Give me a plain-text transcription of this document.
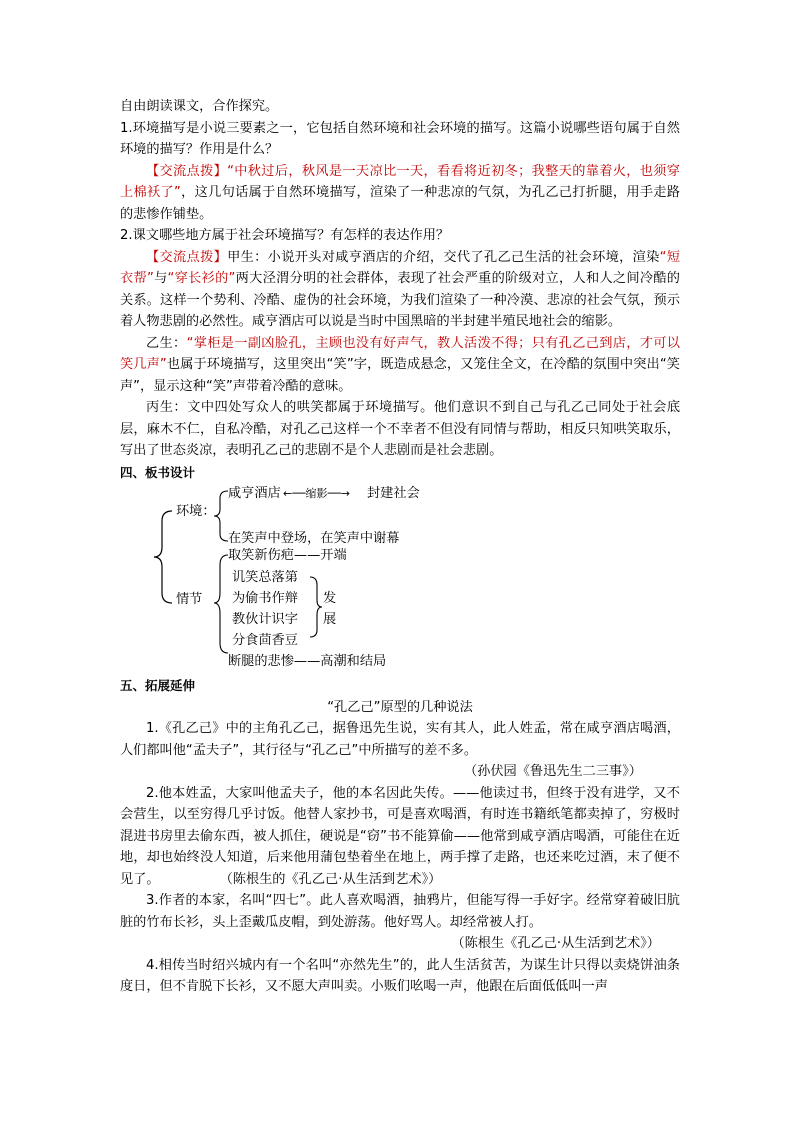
自由朗读课文，合作探究。

1.环境描写是小说三要素之一，它包括自然环境和社会环境的描写。这篇小说哪些语句属于自然环境的描写？作用是什么？

【交流点拨】“中秋过后，秋风是一天凉比一天，看看将近初冬；我整天的靠着火，也须穿上棉袄了”，这几句话属于自然环境描写，渲染了一种悲凉的气氛，为孔乙己打折腿，用手走路的悲惨作铺垫。

2.课文哪些地方属于社会环境描写？有怎样的表达作用？

【交流点拨】甲生：小说开头对咸亨酒店的介绍，交代了孔乙己生活的社会环境，渲染“短衣帮”与“穿长衫的”两大泾渭分明的社会群体，表现了社会严重的阶级对立，人和人之间冷酷的关系。这样一个势利、冷酷、虚伪的社会环境，为我们渲染了一种冷漠、悲凉的社会气氛，预示着人物悲剧的必然性。咸亨酒店可以说是当时中国黑暗的半封建半殖民地社会的缩影。

乙生：“掌柜是一副凶脸孔，主顾也没有好声气，教人活泼不得；只有孔乙己到店，才可以笑几声”也属于环境描写，这里突出“笑”字，既造成悬念，又笼住全文，在冷酷的氛围中突出“笑声”，显示这种“笑”声带着冷酷的意味。

丙生：文中四处写众人的哄笑都属于环境描写。他们意识不到自己与孔乙己同处于社会底层，麻木不仁，自私冷酷，对孔乙己这样一个不幸者不但没有同情与帮助，相反只知哄笑取乐，写出了世态炎凉，表明孔乙己的悲剧不是个人悲剧而是社会悲剧。

四、板书设计

环境：
咸亨酒店 ←──缩影──→ 封建社会
在笑声中登场，在笑声中谢幕
情节
取笑新伤疤——开端
讥笑总落第
为偷书作辩
教伙计识字
分食茴香豆
发
展
断腿的悲惨——高潮和结局

五、拓展延伸

“孔乙己”原型的几种说法

1.《孔乙己》中的主角孔乙己，据鲁迅先生说，实有其人，此人姓孟，常在咸亨酒店喝酒，人们都叫他“孟夫子”，其行径与“孔乙己”中所描写的差不多。

（孙伏园《鲁迅先生二三事》）

2.他本姓孟，大家叫他孟夫子，他的本名因此失传。——他读过书，但终于没有进学，又不会营生，以至穷得几乎讨饭。他替人家抄书，可是喜欢喝酒，有时连书籍纸笔都卖掉了，穷极时混进书房里去偷东西，被人抓住，硬说是“窃”书不能算偷——他常到咸亨酒店喝酒，可能住在近地，却也始终没人知道，后来他用蒲包垫着坐在地上，两手撑了走路，也还来吃过酒，末了便不见了。	（陈根生的《孔乙己·从生活到艺术》）

3.作者的本家，名叫“四七”。此人喜欢喝酒，抽鸦片，但能写得一手好字。经常穿着破旧肮脏的竹布长衫，头上歪戴瓜皮帽，到处游荡。他好骂人。却经常被人打。

（陈根生《孔乙己·从生活到艺术》）

4.相传当时绍兴城内有一个名叫“亦然先生”的，此人生活贫苦，为谋生计只得以卖烧饼油条度日，但不肯脱下长衫，又不愿大声叫卖。小贩们吆喝一声，他跟在后面低低叫一声
